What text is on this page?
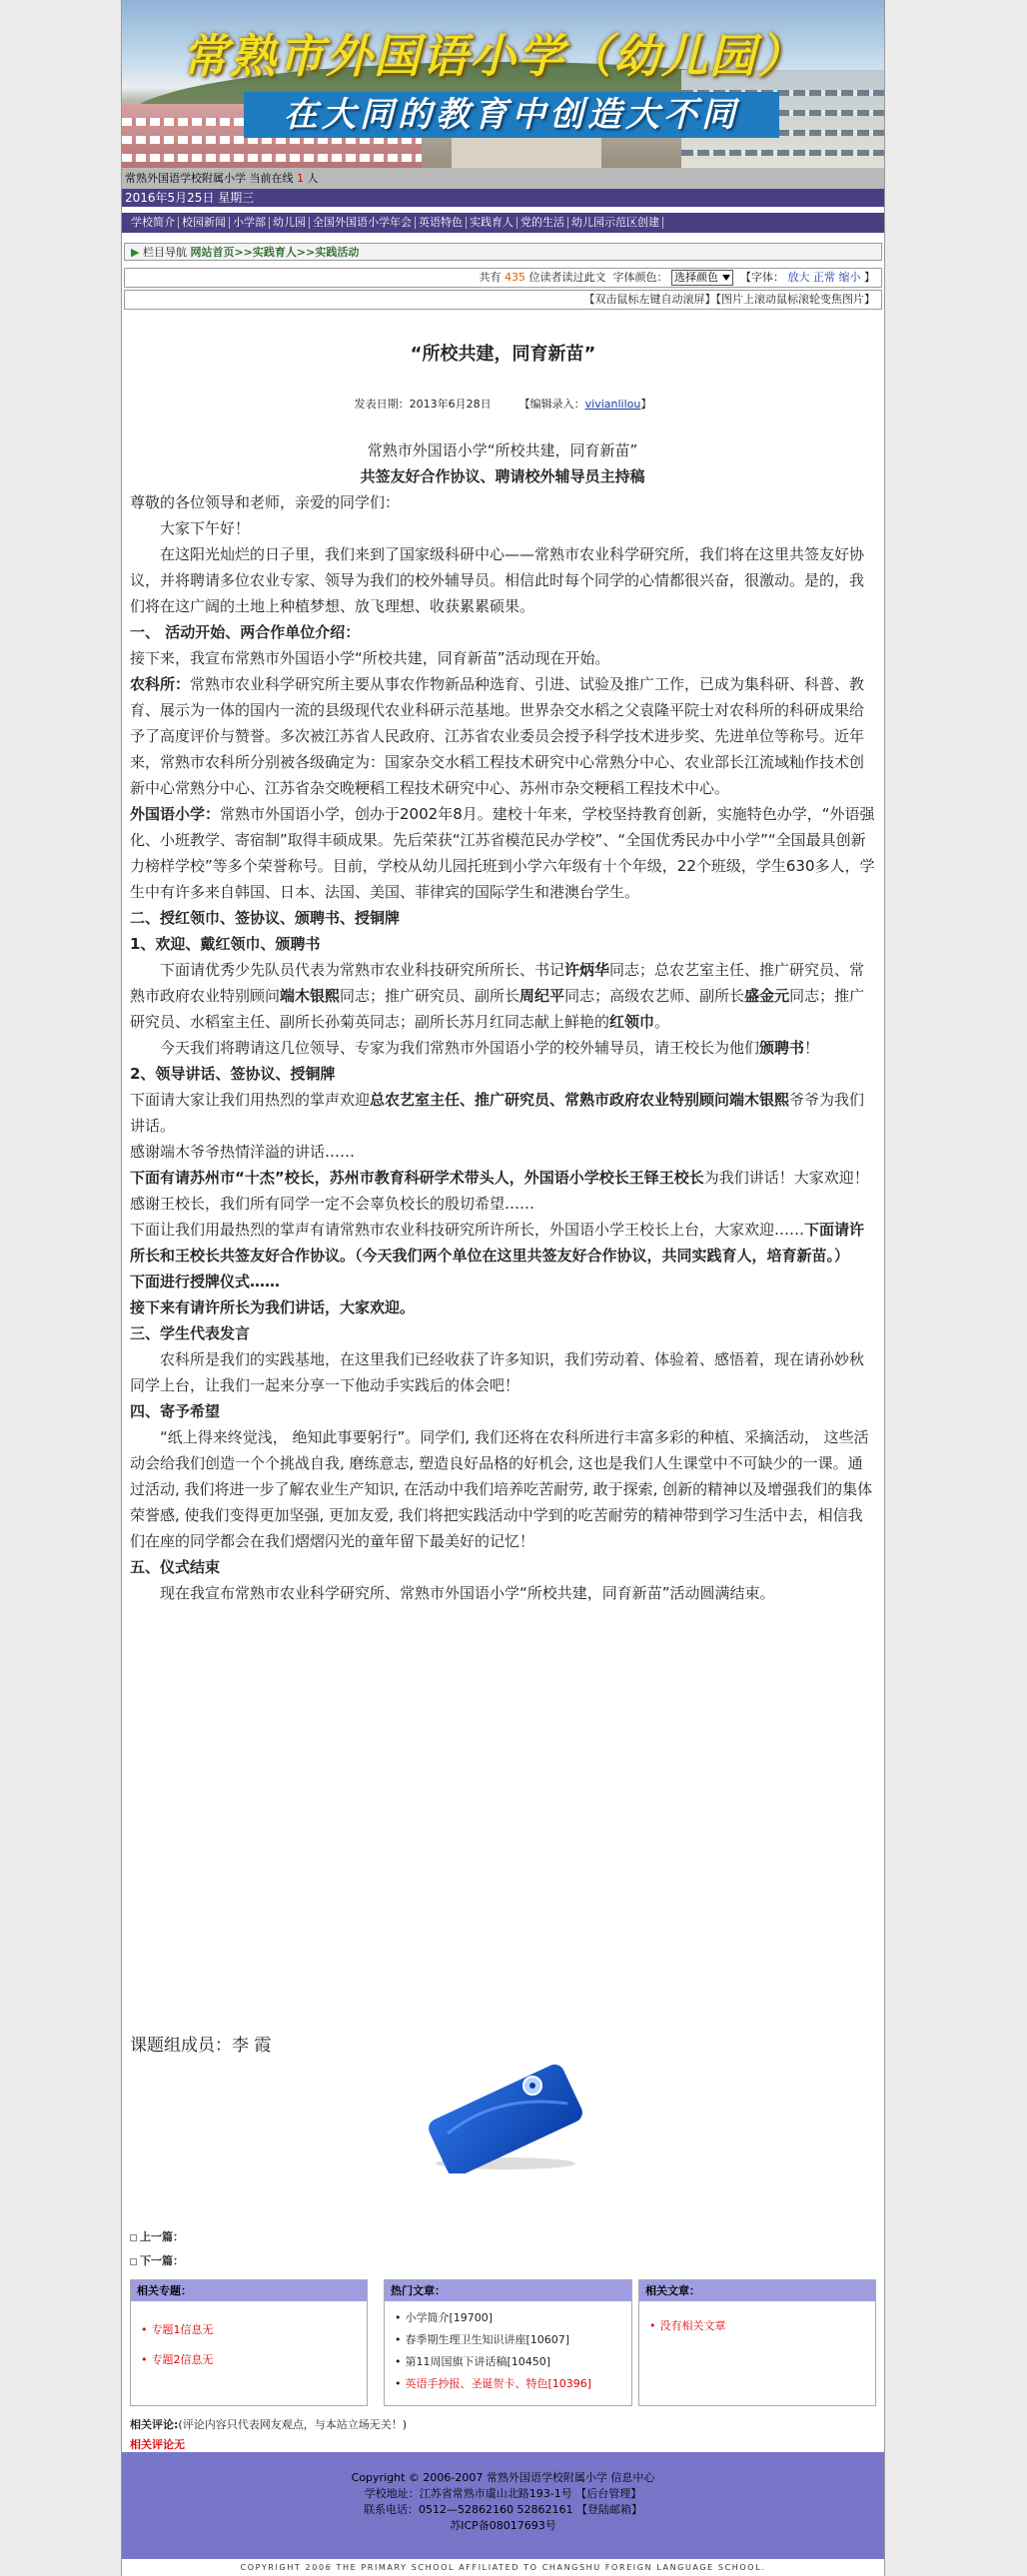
常熟市外国语小学（幼儿园）
在大同的教育中创造大不同
常熟外国语学校附属小学 当前在线 1 人
2016年5月25日 星期三
学校简介 校园新闻 小学部 幼儿园 全国外国语小学年会 英语特色 实践育人 党的生活 幼儿园示范区创建
▶ 栏目导航 网站首页>>实践育人>>实践活动
共有 435 位读者读过此文 字体颜色： 选择颜色 【字体： 放大 正常 缩小 】
【双击鼠标左键自动滚屏】【图片上滚动鼠标滚轮变焦图片】
“所校共建，同育新苗”
发表日期：2013年6月28日	【编辑录入：vivianlilou】

常熟市外国语小学“所校共建，同育新苗”

共签友好合作协议、聘请校外辅导员主持稿

尊敬的各位领导和老师，亲爱的同学们：

大家下午好！

在这阳光灿烂的日子里，我们来到了国家级科研中心——常熟市农业科学研究所，我们将在这里共签友好协议，并将聘请多位农业专家、领导为我们的校外辅导员。相信此时每个同学的心情都很兴奋，很激动。是的，我们将在这广阔的土地上种植梦想、放飞理想、收获累累硕果。

一、 活动开始、两合作单位介绍：

接下来，我宣布常熟市外国语小学“所校共建，同育新苗”活动现在开始。

农科所：常熟市农业科学研究所主要从事农作物新品种选育、引进、试验及推广工作，已成为集科研、科普、教育、展示为一体的国内一流的县级现代农业科研示范基地。世界杂交水稻之父袁隆平院士对农科所的科研成果给予了高度评价与赞誉。多次被江苏省人民政府、江苏省农业委员会授予科学技术进步奖、先进单位等称号。近年来，常熟市农科所分别被各级确定为：国家杂交水稻工程技术研究中心常熟分中心、农业部长江流域籼作技术创新中心常熟分中心、江苏省杂交晚粳稻工程技术研究中心、苏州市杂交粳稻工程技术中心。

外国语小学：常熟市外国语小学，创办于2002年8月。建校十年来，学校坚持教育创新，实施特色办学，“外语强化、小班教学、寄宿制”取得丰硕成果。先后荣获“江苏省模范民办学校”、“全国优秀民办中小学”“全国最具创新力榜样学校”等多个荣誉称号。目前，学校从幼儿园托班到小学六年级有十个年级，22个班级，学生630多人，学生中有许多来自韩国、日本、法国、美国、菲律宾的国际学生和港澳台学生。

二、授红领巾、签协议、颁聘书、授铜牌

1、欢迎、戴红领巾、颁聘书

下面请优秀少先队员代表为常熟市农业科技研究所所长、书记许炳华同志；总农艺室主任、推广研究员、常熟市政府农业特别顾问端木银熙同志；推广研究员、副所长周纪平同志；高级农艺师、副所长盛金元同志；推广研究员、水稻室主任、副所长孙菊英同志；副所长苏月红同志献上鲜艳的红领巾。

今天我们将聘请这几位领导、专家为我们常熟市外国语小学的校外辅导员，请王校长为他们颁聘书！

2、领导讲话、签协议、授铜牌

下面请大家让我们用热烈的掌声欢迎总农艺室主任、推广研究员、常熟市政府农业特别顾问端木银熙爷爷为我们讲话。

感谢端木爷爷热情洋溢的讲话……

下面有请苏州市“十杰”校长，苏州市教育科研学术带头人，外国语小学校长王铎王校长为我们讲话！大家欢迎！

感谢王校长，我们所有同学一定不会辜负校长的殷切希望……

下面让我们用最热烈的掌声有请常熟市农业科技研究所许所长，外国语小学王校长上台，大家欢迎……下面请许所长和王校长共签友好合作协议。（今天我们两个单位在这里共签友好合作协议，共同实践育人，培育新苗。）

下面进行授牌仪式……

接下来有请许所长为我们讲话，大家欢迎。

三、学生代表发言

农科所是我们的实践基地，在这里我们已经收获了许多知识，我们劳动着、体验着、感悟着，现在请孙妙秋同学上台，让我们一起来分享一下他动手实践后的体会吧！

四、寄予希望

“纸上得来终觉浅， 绝知此事要躬行”。同学们, 我们还将在农科所进行丰富多彩的种植、采摘活动， 这些活动会给我们创造一个个挑战自我, 磨练意志, 塑造良好品格的好机会, 这也是我们人生课堂中不可缺少的一课。通过活动, 我们将进一步了解农业生产知识, 在活动中我们培养吃苦耐劳, 敢于探索, 创新的精神以及增强我们的集体荣誉感, 使我们变得更加坚强, 更加友爱, 我们将把实践活动中学到的吃苦耐劳的精神带到学习生活中去，相信我们在座的同学都会在我们熠熠闪光的童年留下最美好的记忆！

五、仪式结束

现在我宣布常熟市农业科学研究所、常熟市外国语小学“所校共建，同育新苗”活动圆满结束。

课题组成员：李 霞
上一篇：
下一篇：
相关专题：
• 专题1信息无
• 专题2信息无
热门文章：
• 小学简介[19700]
• 春季期生理卫生知识讲座[10607]
• 第11周国旗下讲话稿[10450]
• 英语手抄报、圣诞贺卡、特色[10396]
相关文章：
• 没有相关文章
相关评论:(评论内容只代表网友观点，与本站立场无关！)
相关评论无
Copyright © 2006-2007 常熟外国语学校附属小学 信息中心
学校地址：江苏省常熟市虞山北路193-1号 【后台管理】
联系电话：0512—52862160 52862161 【登陆邮箱】
苏ICP备08017693号
COPYRIGHT 2006 THE PRIMARY SCHOOL AFFILIATED TO CHANGSHU FOREIGN LANGUAGE SCHOOL.
